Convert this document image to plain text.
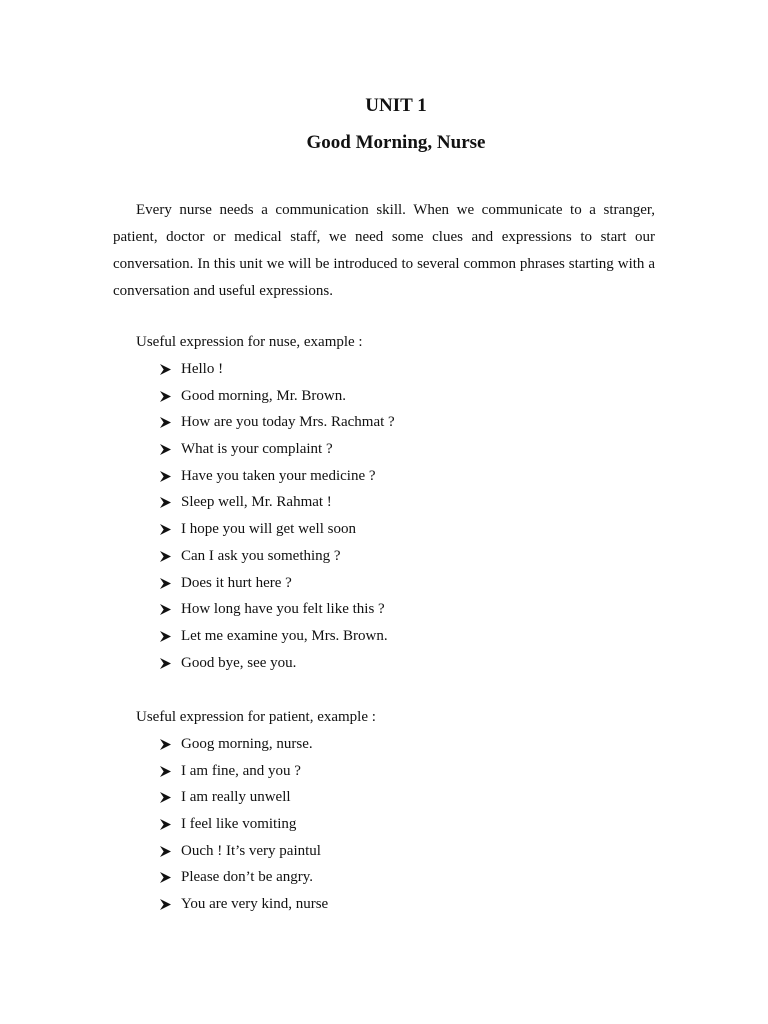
UNIT 1
Good Morning, Nurse

Every nurse needs a communication skill. When we communicate to a stranger, patient, doctor or medical staff, we need some clues and expressions to start our conversation. In this unit we will be introduced to several common phrases starting with a conversation and useful expressions.

Useful expression for nuse, example :

Hello !
Good morning, Mr. Brown.
How are you today Mrs. Rachmat ?
What is your complaint ?
Have you taken your medicine ?
Sleep well, Mr. Rahmat !
I hope you will get well soon
Can I ask you something ?
Does it hurt here ?
How long have you felt like this ?
Let me examine you, Mrs. Brown.
Good bye, see you.

Useful expression for patient, example :

Goog morning, nurse.
I am fine, and you ?
I am really unwell
I feel like vomiting
Ouch ! It’s very paintul
Please don’t be angry.
You are very kind, nurse
